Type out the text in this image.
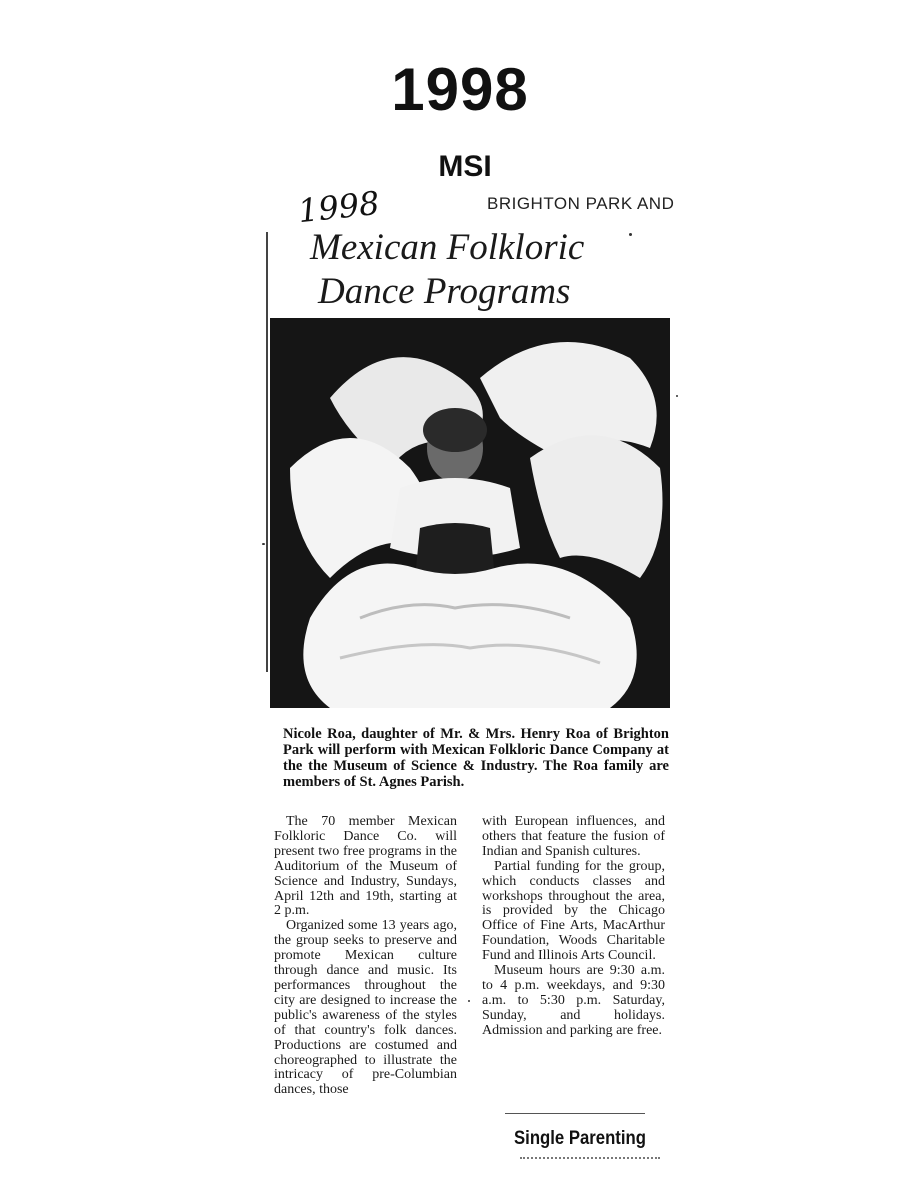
1998
MSI
1998	BRIGHTON PARK AND
Mexican Folkloric

Dance Programs
Nicole Roa, daughter of Mr. & Mrs. Henry Roa of Brighton Park will perform with Mexican Folkloric Dance Company at the the Museum of Science & Industry. The Roa family are members of St. Agnes Parish.

The 70 member Mexican Folkloric Dance Co. will present two free programs in the Auditorium of the Museum of Science and Industry, Sundays, April 12th and 19th, starting at 2 p.m.

Organized some 13 years ago, the group seeks to preserve and promote Mexican culture through dance and music. Its performances throughout the city are designed to increase the public's awareness of the styles of that country's folk dances. Productions are costumed and choreographed to illustrate the intricacy of pre-Columbian dances, those

with European influences, and others that feature the fusion of Indian and Spanish cultures.

Partial funding for the group, which conducts classes and workshops throughout the area, is provided by the Chicago Office of Fine Arts, MacArthur Foundation, Woods Charitable Fund and Illinois Arts Council.

Museum hours are 9:30 a.m. to 4 p.m. weekdays, and 9:30 a.m. to 5:30 p.m. Saturday, Sunday, and holidays. Admission and parking are free.

Single Parenting
